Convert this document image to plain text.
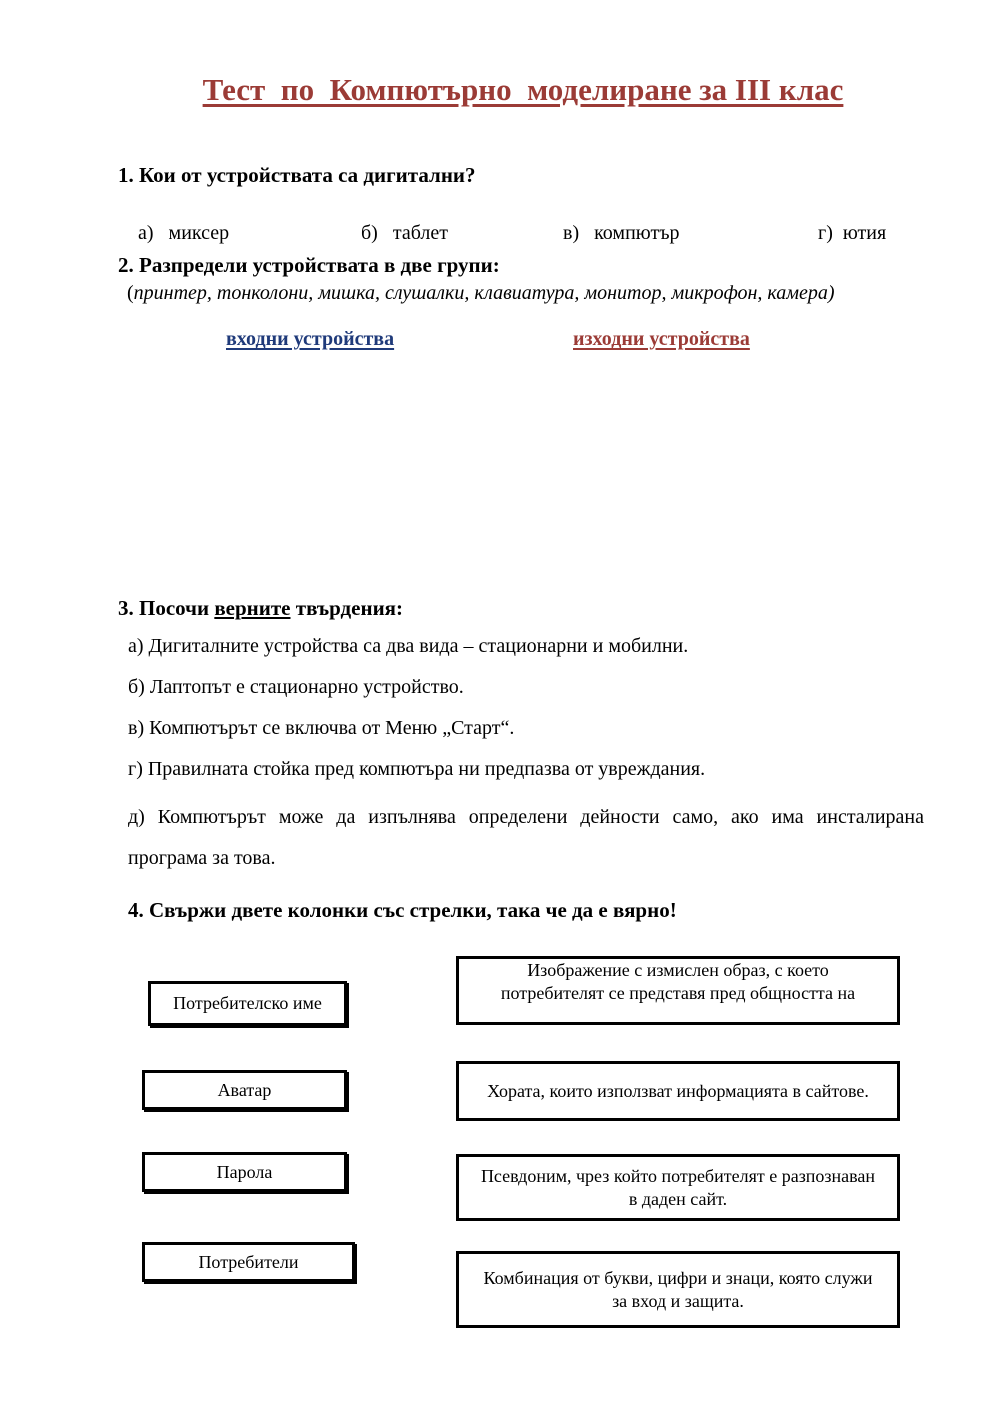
Тест  по  Компютърно  моделиране за III клас
1. Кои от устройствата са дигитални?

а) миксер	б) таблет	в) компютър	г) ютия

2. Разпредели устройствата в две групи:
(принтер, тонколони, мишка, слушалки, клавиатура, монитор, микрофон, камера)
входни устройства	изходни устройства
3. Посочи верните твърдения:
а) Дигиталните устройства са два вида – стационарни и мобилни.
б) Лаптопът е стационарно устройство.
в) Компютърът се включва от Меню „Старт“.
г) Правилната стойка пред компютъра ни предпазва от увреждания.
д) Компютърът може да изпълнява определени дейности само, ако има инсталирана програма за това.
4. Свържи двете колонки със стрелки, така че да е вярно!
Потребителско име
Аватар
Парола
Потребители
Изображение с измислен образ, с което потребителят се представя пред общността на
Хората, които използват информацията в сайтове.
Псевдоним, чрез който потребителят е разпознаван в даден сайт.
Комбинация от букви, цифри и знаци, която служи за вход и защита.
